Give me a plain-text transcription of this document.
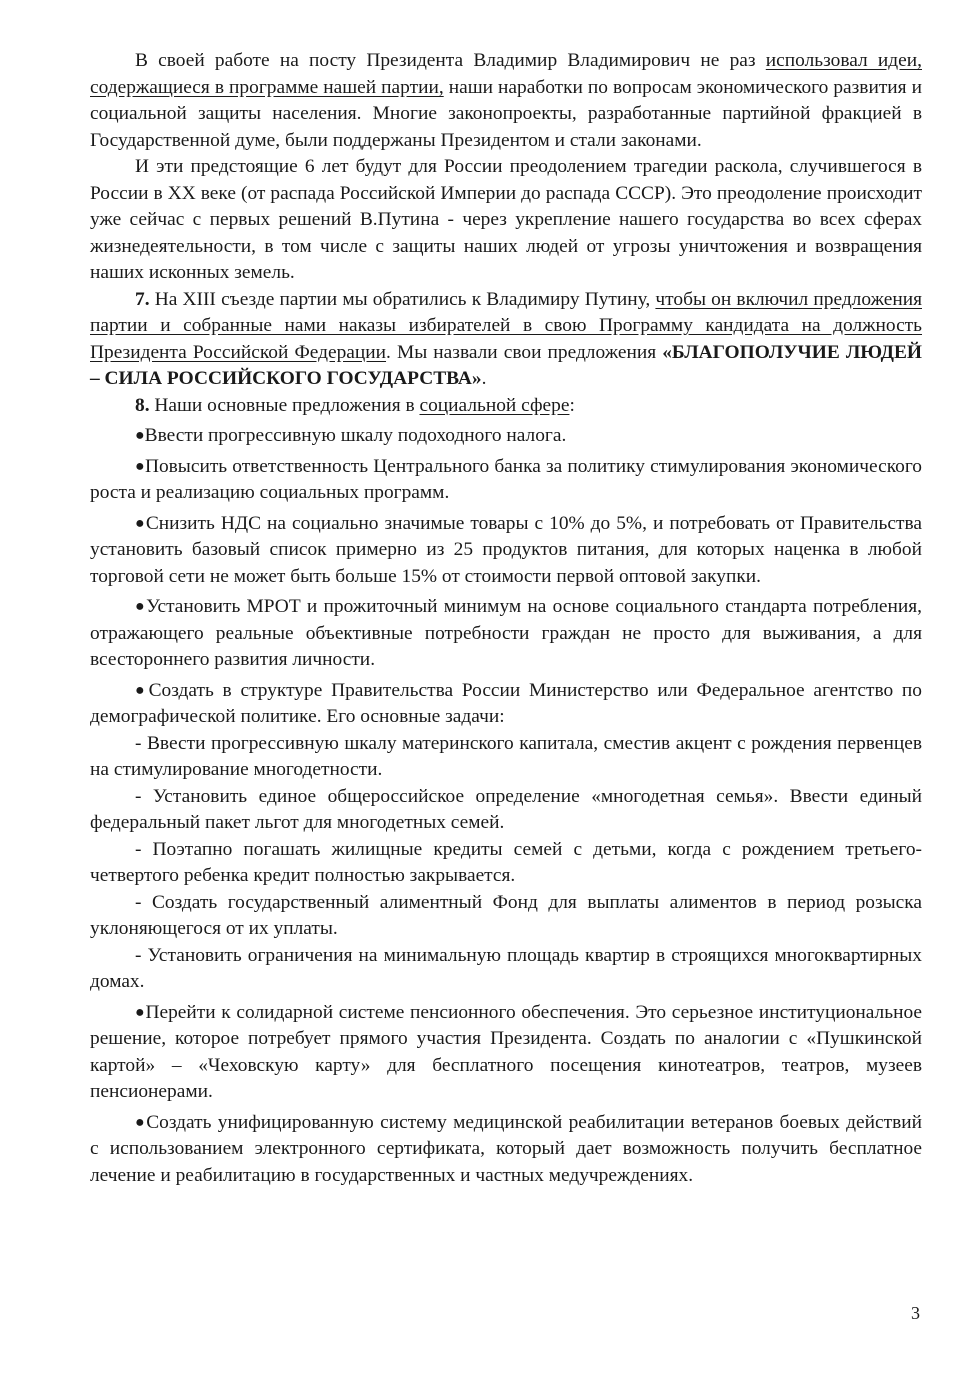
В своей работе на посту Президента Владимир Владимирович не раз использовал идеи, содержащиеся в программе нашей партии, наши наработки по вопросам экономического развития и социальной защиты населения. Многие законопроекты, разработанные партийной фракцией в Государственной думе, были поддержаны Президентом и стали законами.

И эти предстоящие 6 лет будут для России преодолением трагедии раскола, случившегося в России в XX веке (от распада Российской Империи до распада СССР). Это преодоление происходит уже сейчас с первых решений В.Путина - через укрепление нашего государства во всех сферах жизнедеятельности, в том числе с защиты наших людей от угрозы уничтожения и возвращения наших исконных земель.

7. На XIII съезде партии мы обратились к Владимиру Путину, чтобы он включил предложения партии и собранные нами наказы избирателей в свою Программу кандидата на должность Президента Российской Федерации. Мы назвали свои предложения «БЛАГОПОЛУЧИЕ ЛЮДЕЙ – СИЛА РОССИЙСКОГО ГОСУДАРСТВА».

8. Наши основные предложения в социальной сфере:

●Ввести прогрессивную шкалу подоходного налога.

●Повысить ответственность Центрального банка за политику стимулирования экономического роста и реализацию социальных программ.

●Снизить НДС на социально значимые товары с 10% до 5%, и потребовать от Правительства установить базовый список примерно из 25 продуктов питания, для которых наценка в любой торговой сети не может быть больше 15% от стоимости первой оптовой закупки.

●Установить МРОТ и прожиточный минимум на основе социального стандарта потребления, отражающего реальные объективные потребности граждан не просто для выживания, а для всестороннего развития личности.

●Создать в структуре Правительства России Министерство или Федеральное агентство по демографической политике. Его основные задачи:

- Ввести прогрессивную шкалу материнского капитала, сместив акцент с рождения первенцев на стимулирование многодетности.

- Установить единое общероссийское определение «многодетная семья». Ввести единый федеральный пакет льгот для многодетных семей.

- Поэтапно погашать жилищные кредиты семей с детьми, когда с рождением третьего-четвертого ребенка кредит полностью закрывается.

- Создать государственный алиментный Фонд для выплаты алиментов в период розыска уклоняющегося от их уплаты.

- Установить ограничения на минимальную площадь квартир в строящихся многоквартирных домах.

●Перейти к солидарной системе пенсионного обеспечения. Это серьезное институциональное решение, которое потребует прямого участия Президента. Создать по аналогии с «Пушкинской картой» – «Чеховскую карту» для бесплатного посещения кинотеатров, театров, музеев пенсионерами.

●Создать унифицированную систему медицинской реабилитации ветеранов боевых действий с использованием электронного сертификата, который дает возможность получить бесплатное лечение и реабилитацию в государственных и частных медучреждениях.

3
